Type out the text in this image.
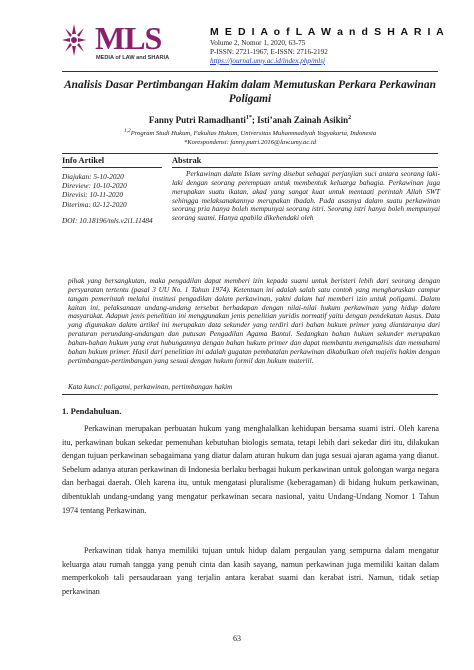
MLS
MEDIA of LAW and SHARIA
M E D I A o f L A W a n d S H A R I A
Volume 2, Nomor 1, 2020, 63-75
P-ISSN: 2721-1967, E-ISSN: 2716-2192
https://journal.umy.ac.id/index.php/mlsj
Analisis Dasar Pertimbangan Hakim dalam Memutuskan Perkara Perkawinan Poligami
Fanny Putri Ramadhanti$^{1*}$; Isti’anah Zainah Asikin$^2$
$^{1,2}$Program Studi Hukum, Fakultas Hukum, Universitas Muhammadiyah Yogyakarta, Indonesia
*Korespondensi: fanny.putri.2016@law.umy.ac.id
Info Artikel	Abstrak
Diajukan: 5-10-2020
Direview: 10-10-2020
Direvisi: 10-11-2020
Diterima: 02-12-2020
DOI: 10.18196/mls.v2i1.11484
Perkawinan dalam Islam sering disebut sebagai perjanjian suci antara seorang laki-laki dengan seorang perempuan untuk membentuk keluarga bahagia. Perkawinan juga merupakan suatu ikatan, akad yang sangat kuat untuk mentaati perintah Allah SWT sehingga melaksanakannya merupakan ibadah. Pada asasnya dalam suatu perkawinan seorang pria hanya boleh mempunyai seorang istri. Seorang istri hanya boleh mempunyai seorang suami. Hanya apabila dikehendaki oleh
pihak yang bersangkutan, maka pengadilan dapat memberi izin kepada suami untuk beristeri lebih dari seorang dengan persyaratan tertentu (pasal 3 UU No. 1 Tahun 1974). Ketentuan ini adalah salah satu contoh yang mengharuskan campur tangan pemerintah melalui institusi pengadilan dalam perkawinan, yakni dalam hal memberi izin untuk poligami. Dalam kaitan ini, pelaksanaan undang-undang tersebut berhadapan dengan nilai-nilai hukum perkawinan yang hidup dalam masyarakat. Adapun jenis penelitian ini menggunakan jenis penelitian yuridis normatif yaitu dengan pendekatan kasus. Data yang digunakan dalam artikel ini merupakan data sekunder yang terdiri dari bahan hukum primer yang diantaranya dari peraturan perundang-undangan dan putusan Pengadilan Agama Bantul. Sedangkan bahan hukum sekunder merupakan bahan-bahan hukum yang erat hubungannya dengan bahan hukum primer dan dapat membantu menganalisis dan memahami bahan hukum primer. Hasil dari penelitian ini adalah gugatan pembatalan perkawinan dikabulkan oleh majelis hakim dengan pertimbangan-pertimbangan yang sesuai dengan hukum formil dan hukum materiil.
Kata kunci: poligami, perkawinan, pertimbangan hakim
1. Pendahuluan.
Perkawinan merupakan perbuatan hukum yang menghalalkan kehidupan bersama suami istri. Oleh karena itu, perkawinan bukan sekedar pemenuhan kebutuhan biologis semata, tetapi lebih dari sekedar diri itu, dilakukan dengan tujuan perkawinan sebagaimana yang diatur dalam aturan hukum dan juga sesuai ajaran agama yang dianut. Sebelum adanya aturan perkawinan di Indonesia berlaku berbagai hukum perkawinan untuk golongan warga negara dan berbagai daerah. Oleh karena itu, untuk mengatasi pluralisme (keberagaman) di bidang hukum perkawinan, dibentuklah undang-undang yang mengatur perkawinan secara nasional, yaitu Undang-Undang Nomor 1 Tahun 1974 tentang Perkawinan.
Perkawinan tidak hanya memiliki tujuan untuk hidup dalam pergaulan yang sempurna dalam mengatur keluarga atau rumah tangga yang penuh cinta dan kasih sayang, namun perkawinan juga memiliki kaitan dalam memperkokoh tali persaudaraan yang terjalin antara kerabat suami dan kerabat istri. Namun, tidak setiap perkawinan
63
